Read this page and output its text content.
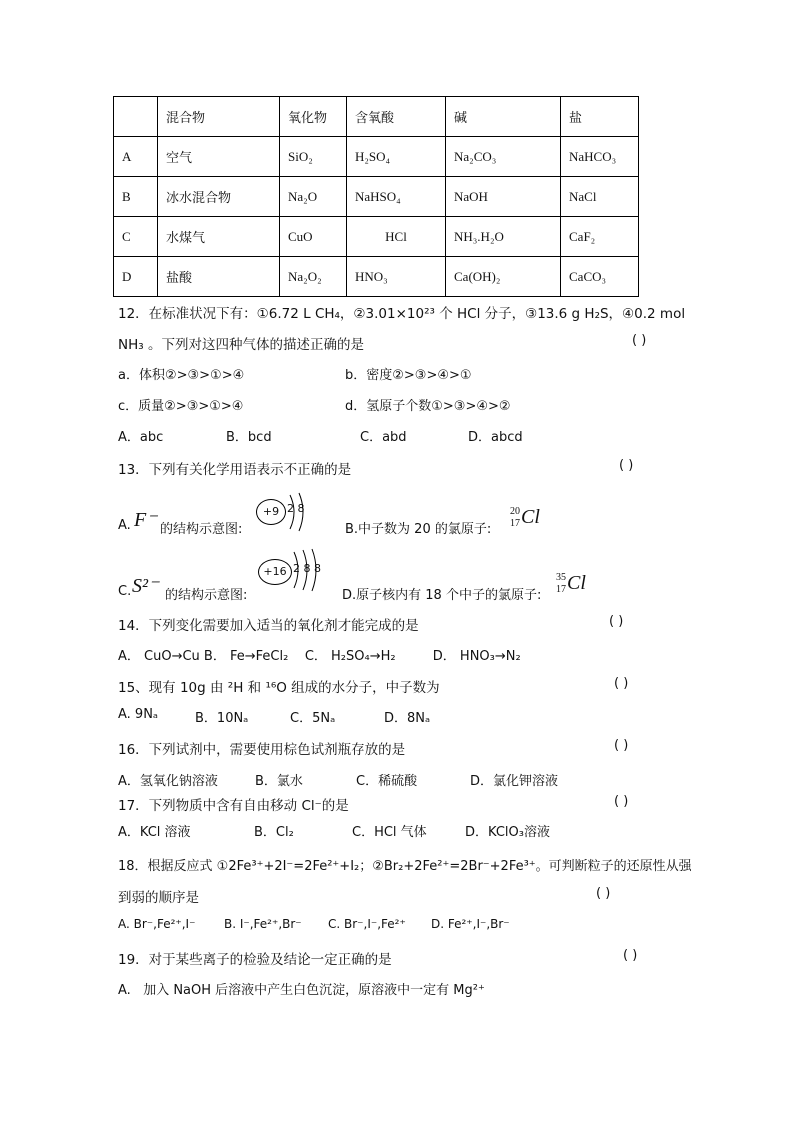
	混合物	氧化物	含氧酸	碱	盐
A	空气	SiO₂	H₂SO₄	Na₂CO₃	NaHCO₃
B	冰水混合物	Na₂O	NaHSO₄	NaOH	NaCl
C	水煤气	CuO	HCl	NH₃.H₂O	CaF₂
D	盐酸	Na₂O₂	HNO₃	Ca(OH)₂	CaCO₃
12．在标准状况下有：①6.72 L CH₄，②3.01×10²³ 个 HCl 分子，③13.6 g H₂S，④0.2 mol
NH₃ 。下列对这四种气体的描述正确的是	( )
a．体积②>③>①>④	b．密度②>③>④>①
c．质量②>③>①>④	d．氢原子个数①>③>④>②
A．abc	B．bcd	C．abd	D．abcd
13．下列有关化学用语表示不正确的是	( )
A. F⁻ 的结构示意图:
+9 2 8
B.中子数为 20 的氯原子:
20
17 Cl
C. S²⁻ 的结构示意图:
+16 2 8 8
D.原子核内有 18 个中子的氯原子:
35
17 Cl
14．下列变化需要加入适当的氧化剂才能完成的是	( )
A． CuO→Cu B． Fe→FeCl₂    C． H₂SO₄→H₂         D． HNO₃→N₂
15、现有 10g 由 ²H 和 ¹⁶O 组成的水分子，中子数为	( )
A. 9Nₐ	B．10Nₐ	C．5Nₐ	D．8Nₐ
16．下列试剂中，需要使用棕色试剂瓶存放的是	( )
A．氢氧化钠溶液	B．氯水	C．稀硫酸	D．氯化钾溶液
17．下列物质中含有自由移动 Cl⁻的是	( )
A．KCl 溶液	B．Cl₂	C．HCl 气体	D．KClO₃溶液
18．根据反应式 ①2Fe³⁺+2I⁻=2Fe²⁺+I₂；②Br₂+2Fe²⁺=2Br⁻+2Fe³⁺。可判断粒子的还原性从强
到弱的顺序是	( )
A. Br⁻,Fe²⁺,I⁻ B. I⁻,Fe²⁺,Br⁻ C. Br⁻,I⁻,Fe²⁺ D. Fe²⁺,I⁻,Br⁻
19．对于某些离子的检验及结论一定正确的是	( )
A.   加入 NaOH 后溶液中产生白色沉淀，原溶液中一定有 Mg²⁺
